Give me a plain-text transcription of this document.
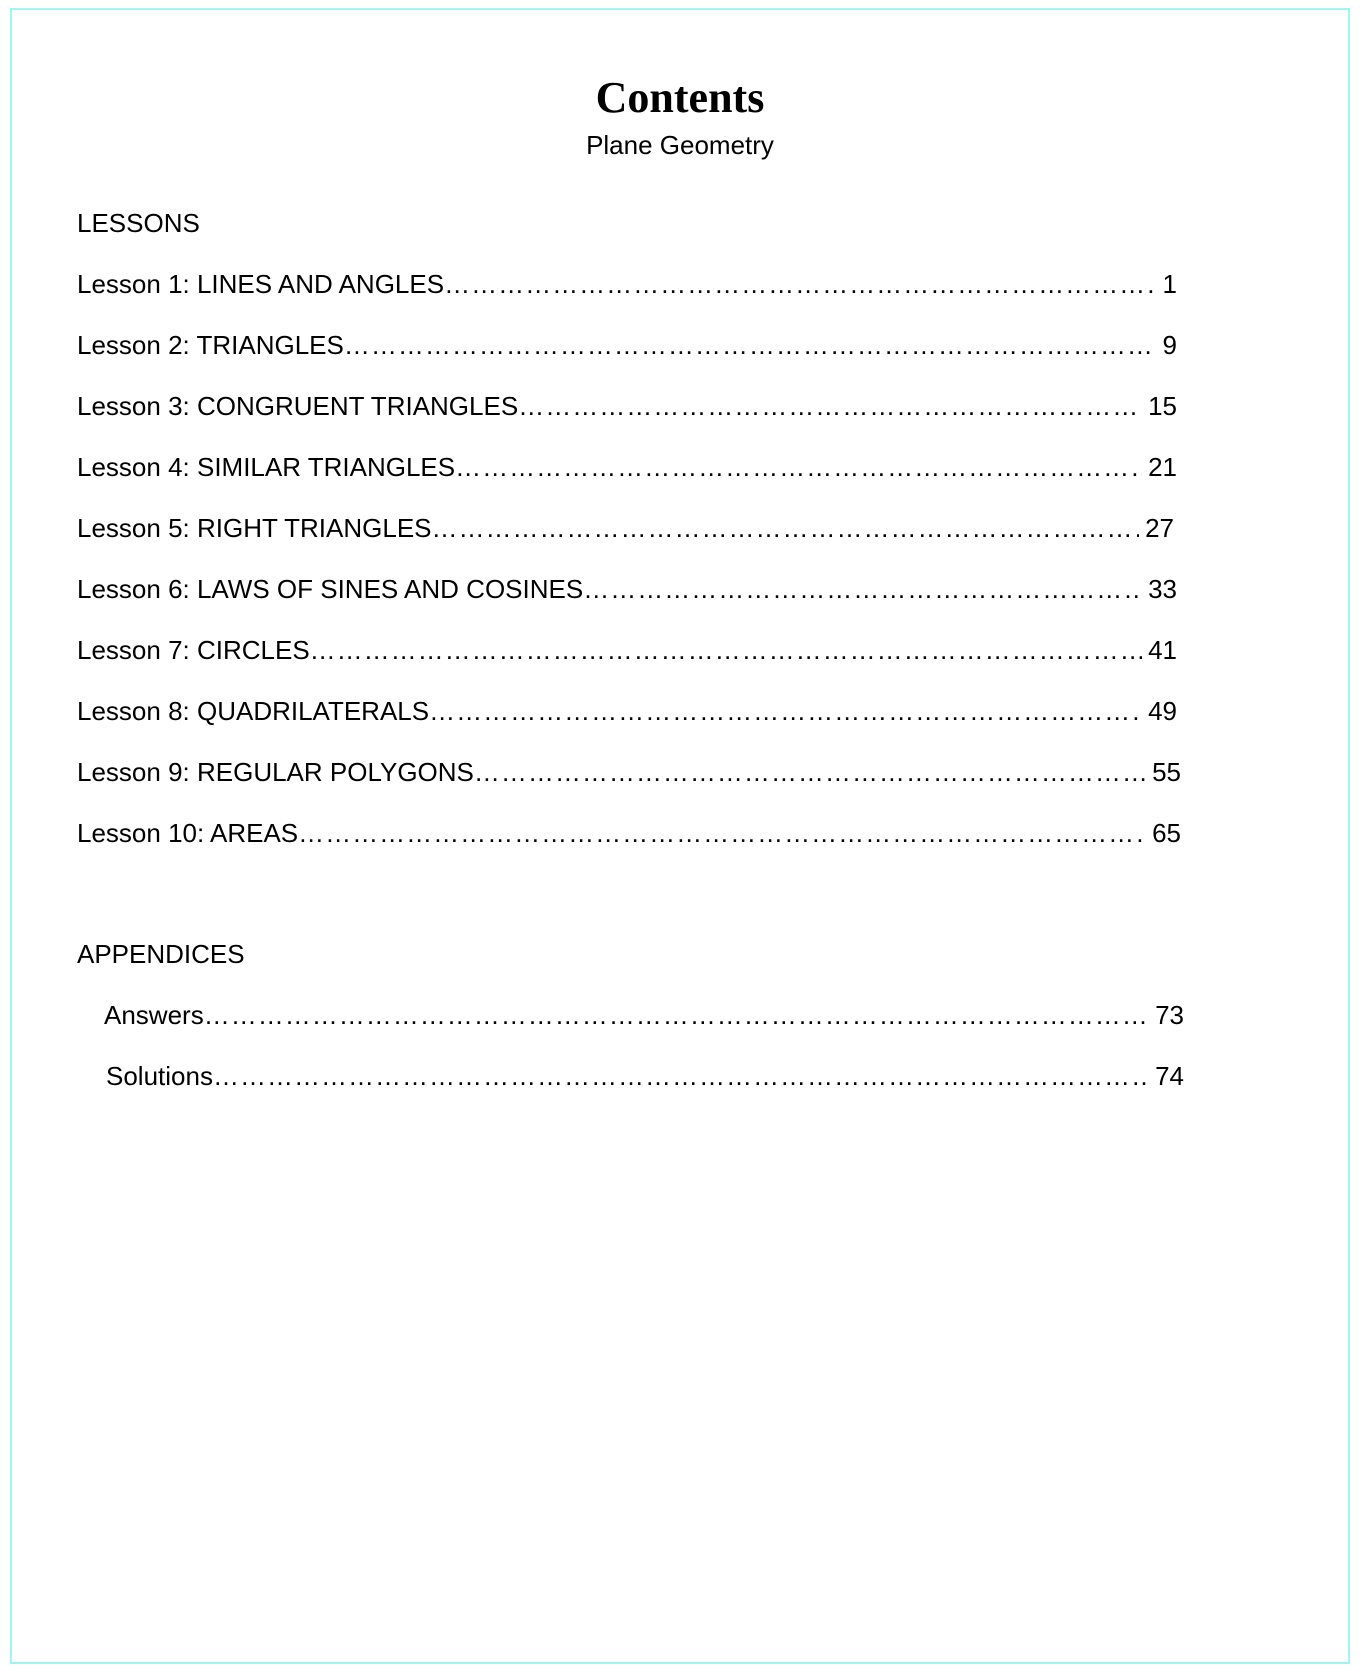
Contents
Plane Geometry
LESSONS
Lesson 1: LINES AND ANGLES …………………………………………………………………………………………………………………………………………………………………………………………	1
Lesson 2: TRIANGLES …………………………………………………………………………………………………………………………………………………………………………………………	9
Lesson 3: CONGRUENT TRIANGLES …………………………………………………………………………………………………………………………………………………………………………………………	15
Lesson 4: SIMILAR TRIANGLES …………………………………………………………………………………………………………………………………………………………………………………………	21
Lesson 5: RIGHT TRIANGLES …………………………………………………………………………………………………………………………………………………………………………………………	27
Lesson 6: LAWS OF SINES AND COSINES …………………………………………………………………………………………………………………………………………………………………………………………	33
Lesson 7: CIRCLES …………………………………………………………………………………………………………………………………………………………………………………………	41
Lesson 8: QUADRILATERALS …………………………………………………………………………………………………………………………………………………………………………………………	49
Lesson 9: REGULAR POLYGONS …………………………………………………………………………………………………………………………………………………………………………………………	55
Lesson 10: AREAS …………………………………………………………………………………………………………………………………………………………………………………………	65
APPENDICES
Answers …………………………………………………………………………………………………………………………………………………………………………………………	73
Solutions …………………………………………………………………………………………………………………………………………………………………………………………	74
